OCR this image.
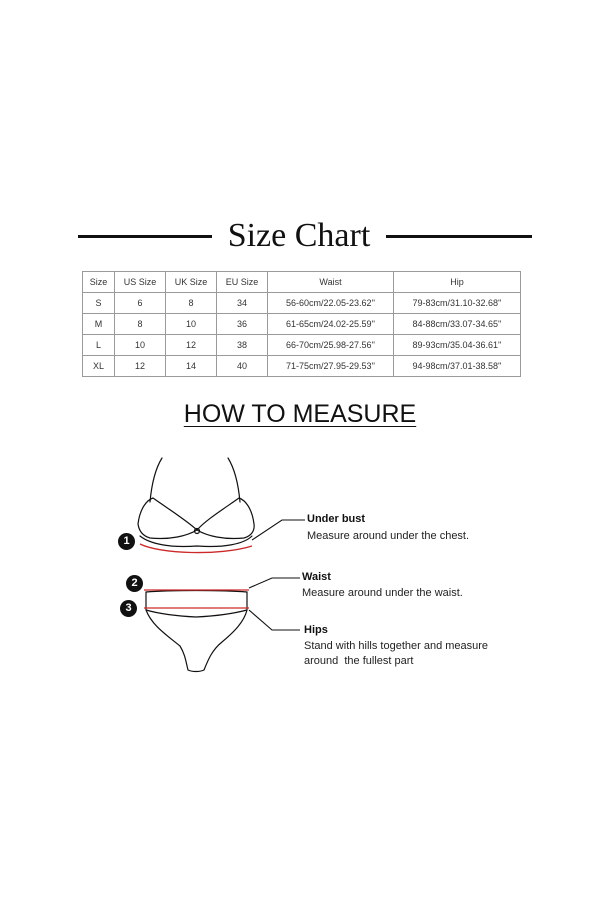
Size Chart
Size	US Size	UK Size	EU Size	Waist	Hip
S	6	8	34	56-60cm/22.05-23.62''	79-83cm/31.10-32.68''
M	8	10	36	61-65cm/24.02-25.59''	84-88cm/33.07-34.65''
L	10	12	38	66-70cm/25.98-27.56''	89-93cm/35.04-36.61''
XL	12	14	40	71-75cm/27.95-29.53''	94-98cm/37.01-38.58''
HOW TO MEASURE
1
2
3
Under bust
Measure around under the chest.
Waist
Measure around under the waist.
Hips
Stand with hills together and measure
around  the fullest part
